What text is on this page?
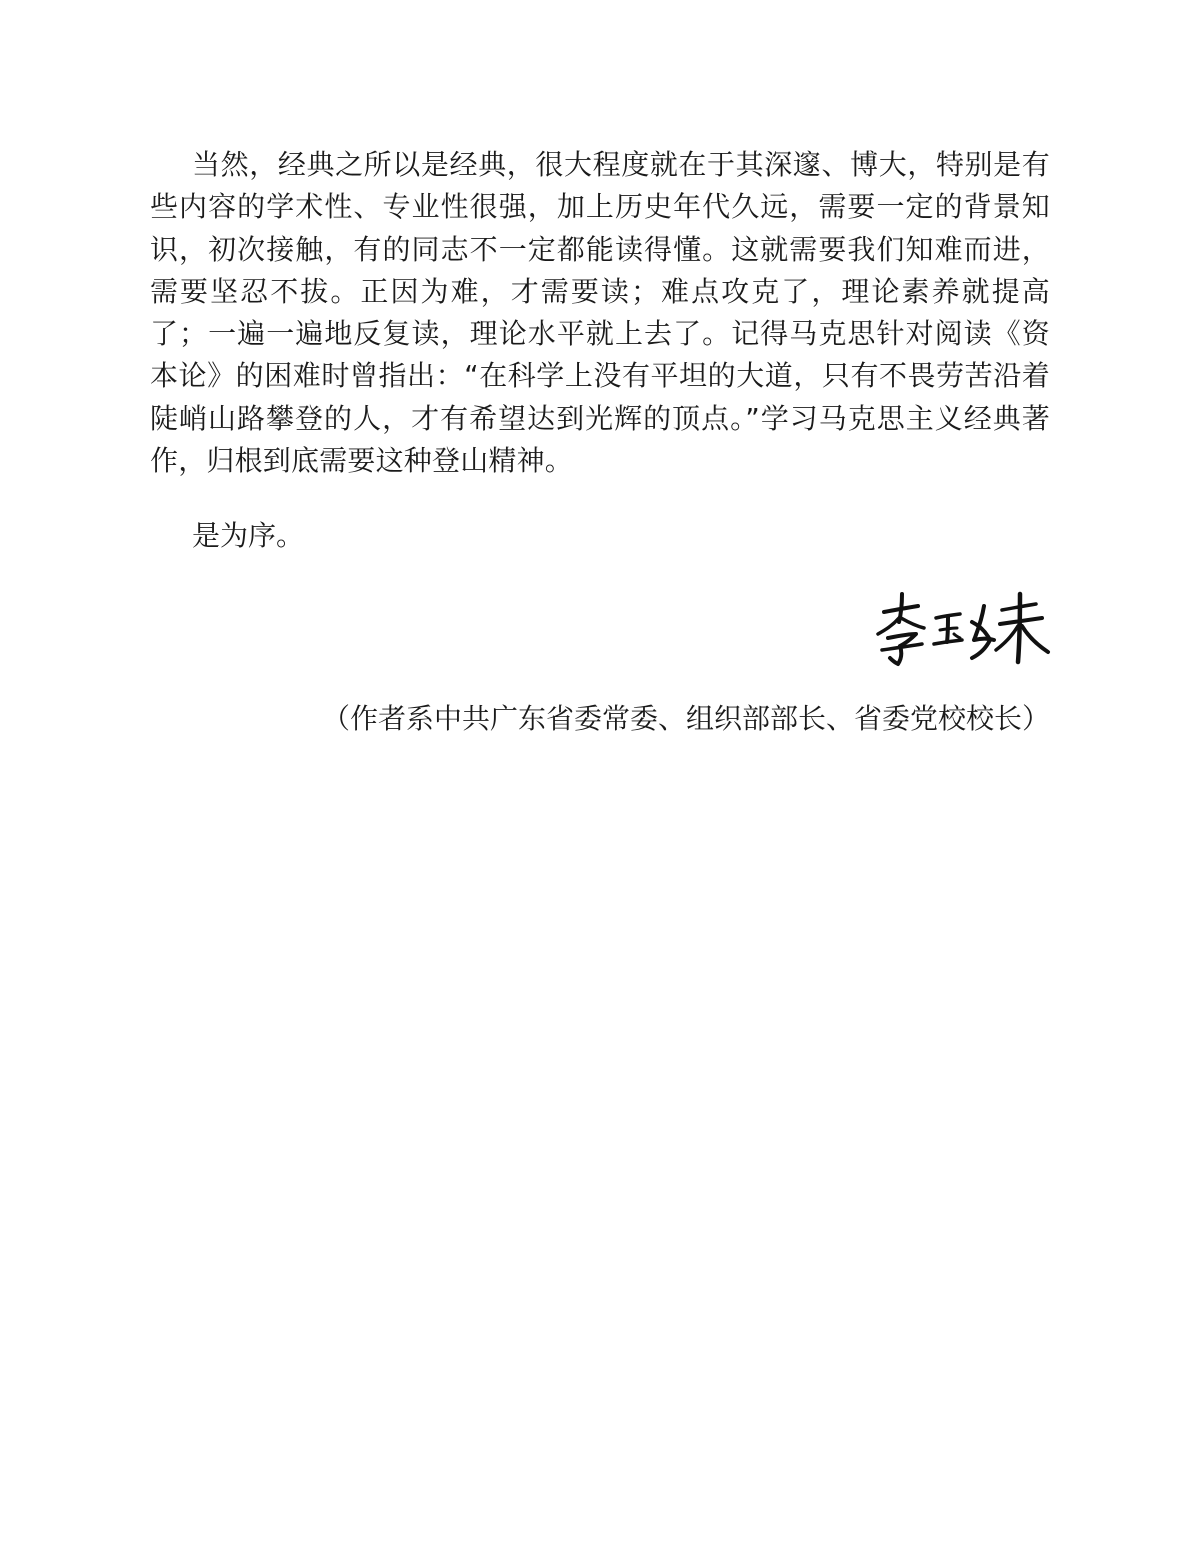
当然，经典之所以是经典，很大程度就在于其深邃、博大，特别是有些内容的学术性、专业性很强，加上历史年代久远，需要一定的背景知识，初次接触，有的同志不一定都能读得懂。这就需要我们知难而进，需要坚忍不拔。正因为难，才需要读；难点攻克了，理论素养就提高了；一遍一遍地反复读，理论水平就上去了。记得马克思针对阅读《资本论》的困难时曾指出：“在科学上没有平坦的大道，只有不畏劳苦沿着陡峭山路攀登的人，才有希望达到光辉的顶点。”学习马克思主义经典著作，归根到底需要这种登山精神。

是为序。

（作者系中共广东省委常委、组织部部长、省委党校校长）
